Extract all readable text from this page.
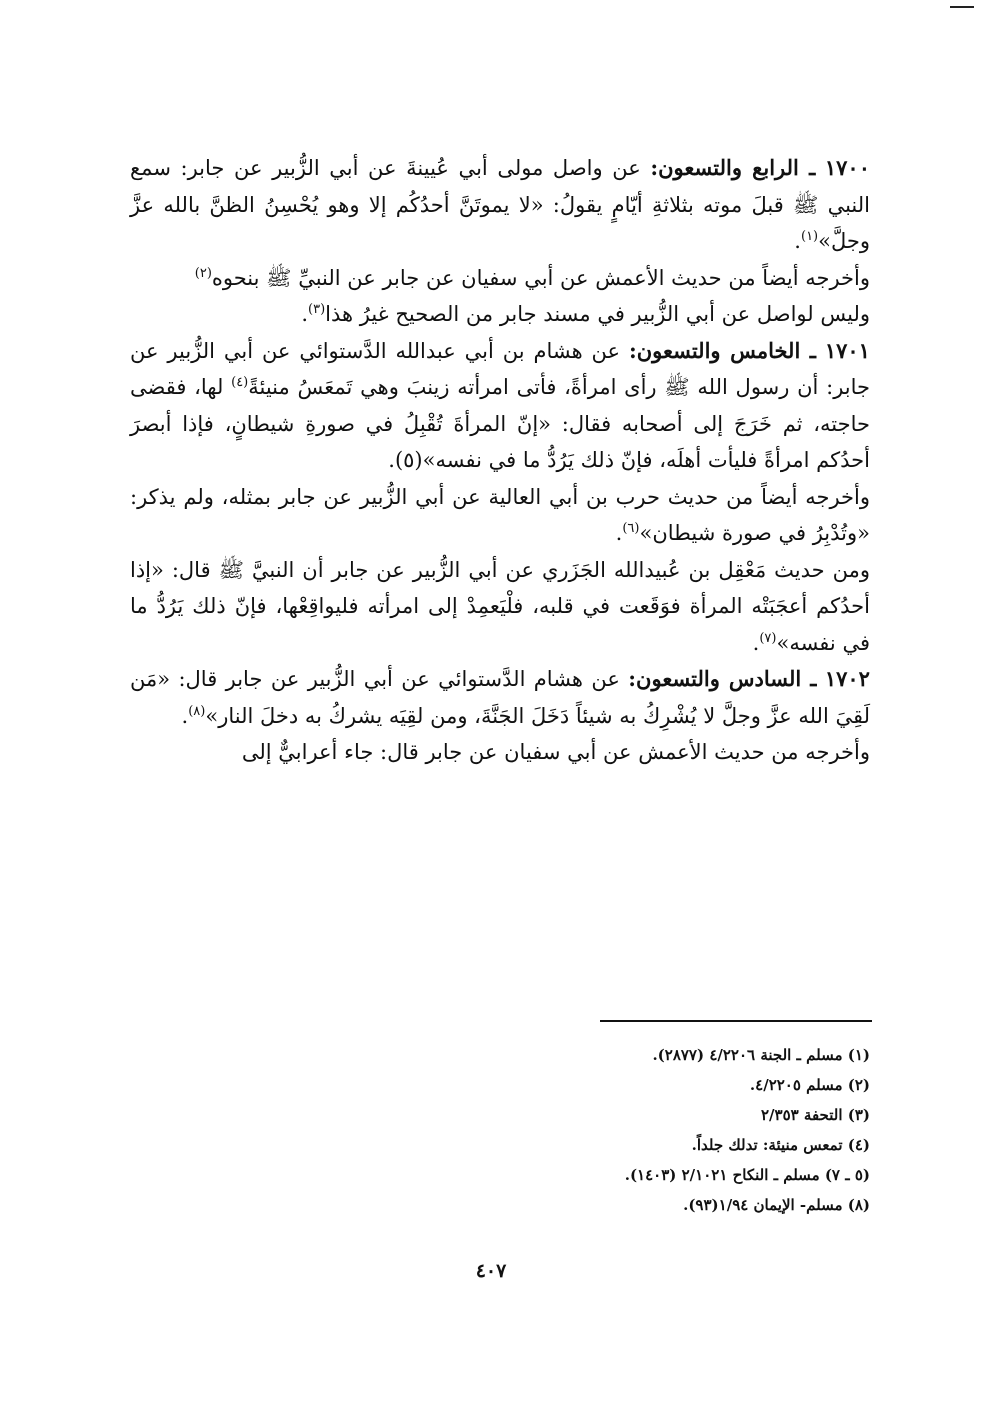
١٧٠٠ ـ الرابع والتسعون: عن واصل مولى أبي عُيينةَ عن أبي الزُّبير عن جابر: سمع النبي ﷺ قبلَ موته بثلاثةِ أيّامٍ يقولُ: «لا يموتَنَّ أحدُكُم إلا وهو يُحْسِنُ الظنَّ بالله عزَّ وجلَّ»$^{(١)}$.

وأخرجه أيضاً من حديث الأعمش عن أبي سفيان عن جابر عن النبيِّ ﷺ بنحوه$^{(٢)}$

وليس لواصل عن أبي الزُّبير في مسند جابر من الصحيح غيرُ هذا$^{(٣)}$.

١٧٠١ ـ الخامس والتسعون: عن هشام بن أبي عبدالله الدَّستوائي عن أبي الزُّبير عن جابر: أن رسول الله ﷺ رأى امرأةً، فأتى امرأته زينبَ وهي تَمعَسُ منيئةً$^{(٤)}$ لها، فقضى حاجته، ثم خَرَجَ إلى أصحابه فقال: «إنّ المرأةَ تُقْبِلُ في صورةِ شيطانٍ، فإذا أبصرَ أحدُكم امرأةً فليأت أهلَه، فإنّ ذلك يَرُدُّ ما في نفسه»(٥).

وأخرجه أيضاً من حديث حرب بن أبي العالية عن أبي الزُّبير عن جابر بمثله، ولم يذكر: «وتُدْبِرُ في صورة شيطان»$^{(٦)}$.

ومن حديث مَعْقِل بن عُبيدالله الجَزَري عن أبي الزُّبير عن جابر أن النبيَّ ﷺ قال: «إذا أحدُكم أعجَبَتْه المرأة فوَقَعت في قلبه، فلْيَعمِدْ إلى امرأته فليواقِعْها، فإنّ ذلك يَرُدُّ ما في نفسه»$^{(٧)}$.

١٧٠٢ ـ السادس والتسعون: عن هشام الدَّستوائي عن أبي الزُّبير عن جابر قال: «مَن لَقِيَ الله عزَّ وجلَّ لا يُشْرِكُ به شيئاً دَخَلَ الجَنَّةَ، ومن لقِيَه يشركُ به دخلَ النار»$^{(٨)}$.

وأخرجه من حديث الأعمش عن أبي سفيان عن جابر قال: جاء أعرابيٌّ إلى

(١) مسلم ـ الجنة ٤/٢٢٠٦ (٢٨٧٧).

(٢) مسلم ٤/٢٢٠٥.

(٣) التحفة ٢/٣٥٣

(٤) تمعس منيئة: تدلك جلداً.

(٥ ـ ٧) مسلم ـ النكاح ٢/١٠٢١ (١٤٠٣).

(٨) مسلم- الإيمان ١/٩٤(٩٣).

٤٠٧
